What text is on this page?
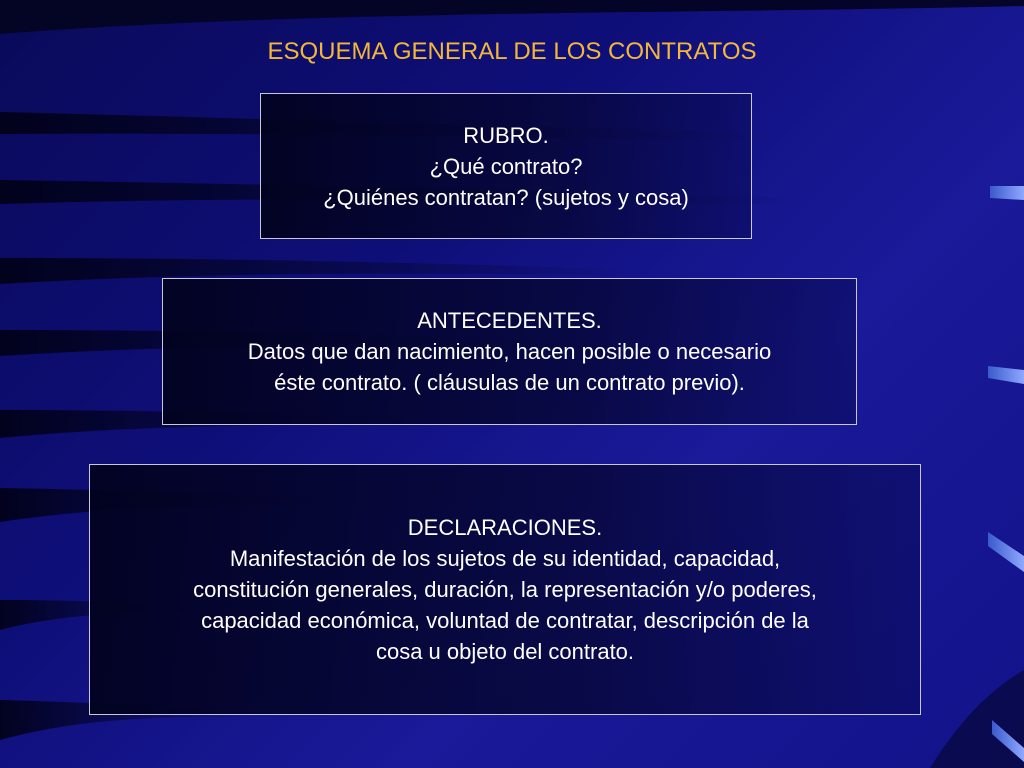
ESQUEMA GENERAL DE LOS CONTRATOS
RUBRO.
¿Qué contrato?
¿Quiénes contratan? (sujetos y cosa)
ANTECEDENTES.
Datos que dan nacimiento, hacen posible o necesario
éste contrato. ( cláusulas de un contrato previo).
DECLARACIONES.
Manifestación de los sujetos de su identidad, capacidad,
constitución generales, duración, la representación y/o poderes,
capacidad económica, voluntad de contratar, descripción de la
cosa u objeto del contrato.
